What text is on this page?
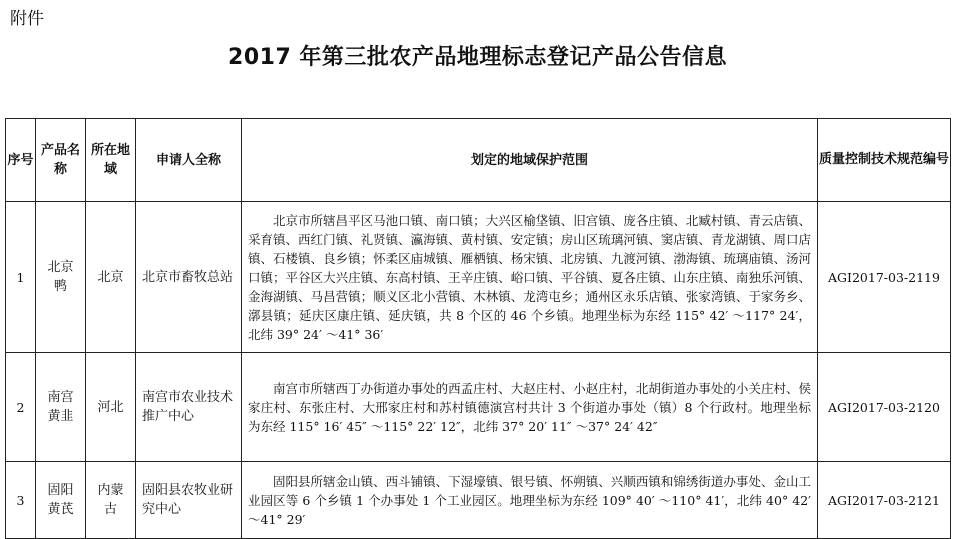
附件
2017 年第三批农产品地理标志登记产品公告信息
序号	产品名称	所在地域	申请人全称	划定的地域保护范围	质量控制技术规范编号
1	北京鸭	北京	北京市畜牧总站	北京市所辖昌平区马池口镇、南口镇；大兴区榆垡镇、旧宫镇、庞各庄镇、北臧村镇、青云店镇、采育镇、西红门镇、礼贤镇、瀛海镇、黄村镇、安定镇；房山区琉璃河镇、窦店镇、青龙湖镇、周口店镇、石楼镇、良乡镇；怀柔区庙城镇、雁栖镇、杨宋镇、北房镇、九渡河镇、渤海镇、琉璃庙镇、汤河口镇；平谷区大兴庄镇、东高村镇、王辛庄镇、峪口镇、平谷镇、夏各庄镇、山东庄镇、南独乐河镇、金海湖镇、马昌营镇；顺义区北小营镇、木林镇、龙湾屯乡；通州区永乐店镇、张家湾镇、于家务乡、漷县镇；延庆区康庄镇、延庆镇，共 8 个区的 46 个乡镇。地理坐标为东经 115° 42′ ～117° 24′，北纬 39° 24′ ～41° 36′	AGI2017-03-2119
2	南宫黄韭	河北	南宫市农业技术推广中心	南宫市所辖西丁办街道办事处的西孟庄村、大赵庄村、小赵庄村，北胡街道办事处的小关庄村、侯家庄村、东张庄村、大邢家庄村和苏村镇德演宫村共计 3 个街道办事处（镇）8 个行政村。地理坐标为东经 115° 16′ 45″ ～115° 22′ 12″，北纬 37° 20′ 11″ ～37° 24′ 42″	AGI2017-03-2120
3	固阳黄芪	内蒙古	固阳县农牧业研究中心	固阳县所辖金山镇、西斗铺镇、下湿壕镇、银号镇、怀朔镇、兴顺西镇和锦绣街道办事处、金山工业园区等 6 个乡镇 1 个办事处 1 个工业园区。地理坐标为东经 109° 40′ ～110° 41′，北纬 40° 42′ ～41° 29′	AGI2017-03-2121
